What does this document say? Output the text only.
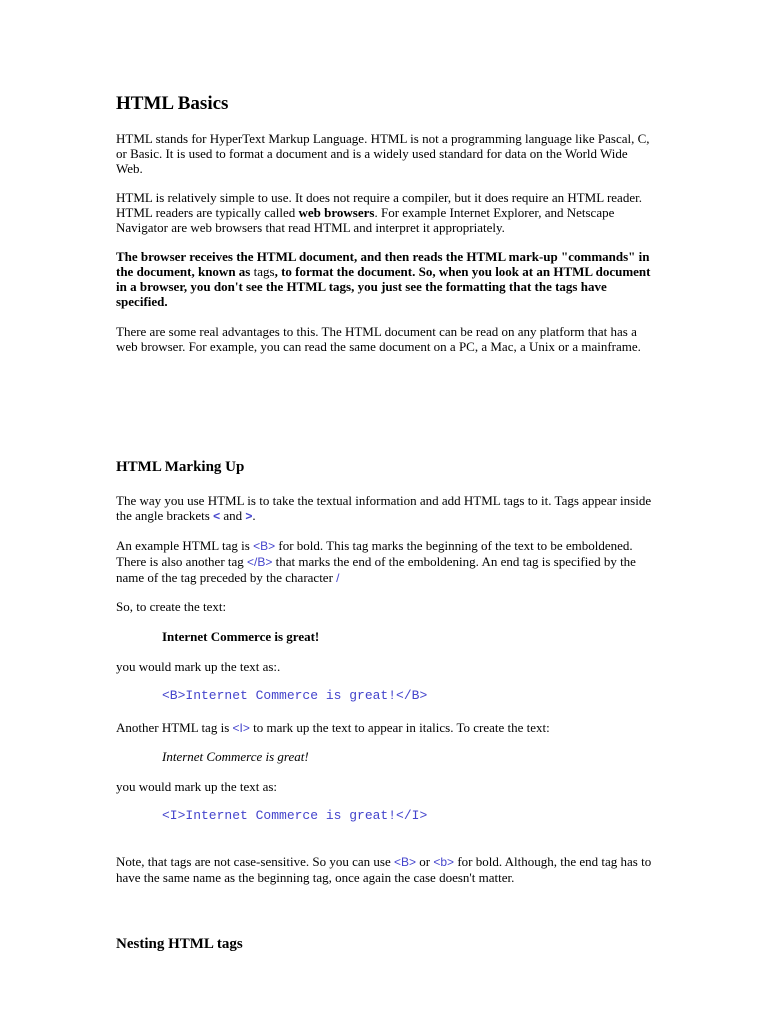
HTML Basics

HTML stands for HyperText Markup Language. HTML is not a programming language like Pascal, C, or Basic. It is used to format a document and is a widely used standard for data on the World Wide Web.

HTML is relatively simple to use. It does not require a compiler, but it does require an HTML reader. HTML readers are typically called web browsers. For example Internet Explorer, and Netscape Navigator are web browsers that read HTML and interpret it appropriately.

The browser receives the HTML document, and then reads the HTML mark-up "commands" in the document, known as tags, to format the document. So, when you look at an HTML document in a browser, you don't see the HTML tags, you just see the formatting that the tags have specified.

There are some real advantages to this. The HTML document can be read on any platform that has a web browser. For example, you can read the same document on a PC, a Mac, a Unix or a mainframe.

HTML Marking Up

The way you use HTML is to take the textual information and add HTML tags to it. Tags appear inside the angle brackets < and >.

An example HTML tag is <B> for bold. This tag marks the beginning of the text to be emboldened. There is also another tag </B> that marks the end of the emboldening. An end tag is specified by the name of the tag preceded by the character /

So, to create the text:

Internet Commerce is great!

you would mark up the text as:.

<B>Internet Commerce is great!</B>

Another HTML tag is <I> to mark up the text to appear in italics. To create the text:

Internet Commerce is great!

you would mark up the text as:

<I>Internet Commerce is great!</I>

Note, that tags are not case-sensitive. So you can use <B> or <b> for bold. Although, the end tag has to have the same name as the beginning tag, once again the case doesn't matter.

Nesting HTML tags
